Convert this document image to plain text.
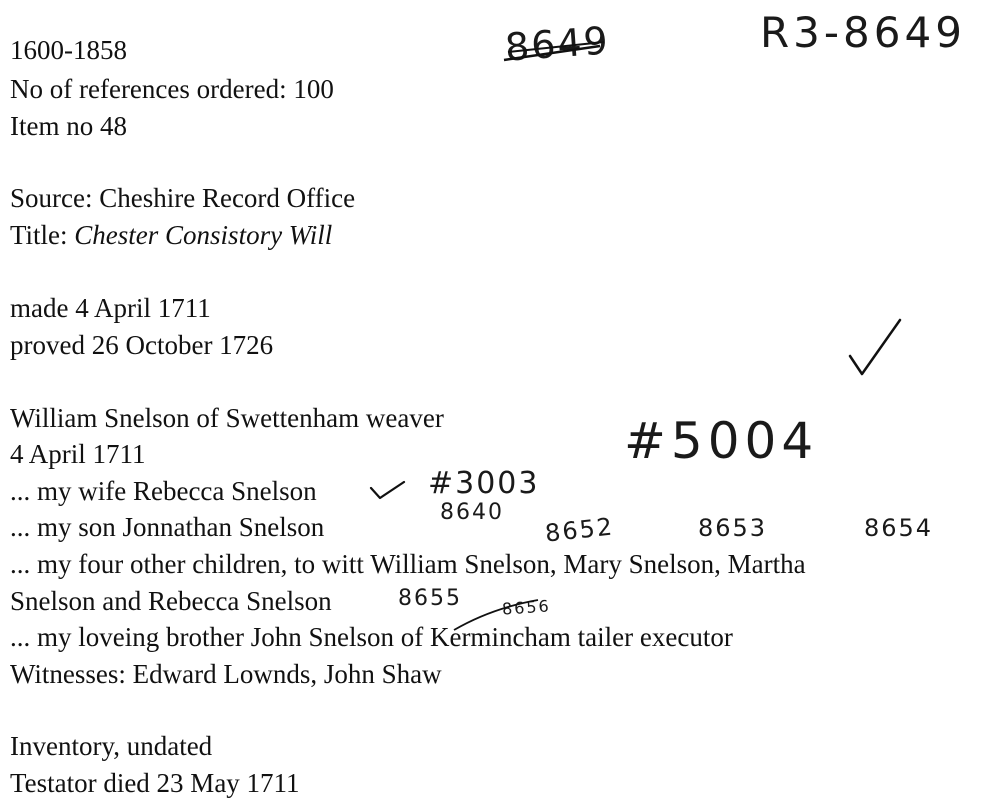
1600-1858
No of references ordered: 100
Item no 48
Source: Cheshire Record Office
Title: Chester Consistory Will
made 4 April 1711
proved 26 October 1726
William Snelson of Swettenham weaver
4 April 1711
... my wife Rebecca Snelson
... my son Jonnathan Snelson
... my four other children, to witt William Snelson, Mary Snelson, Martha
Snelson and Rebecca Snelson
... my loveing brother John Snelson of Kermincham tailer executor
Witnesses: Edward Lownds, John Shaw
Inventory, undated
Testator died 23 May 1711
8649	R3-8649
#5004
#3003
8640 8652	8653	8654
8655 8656
